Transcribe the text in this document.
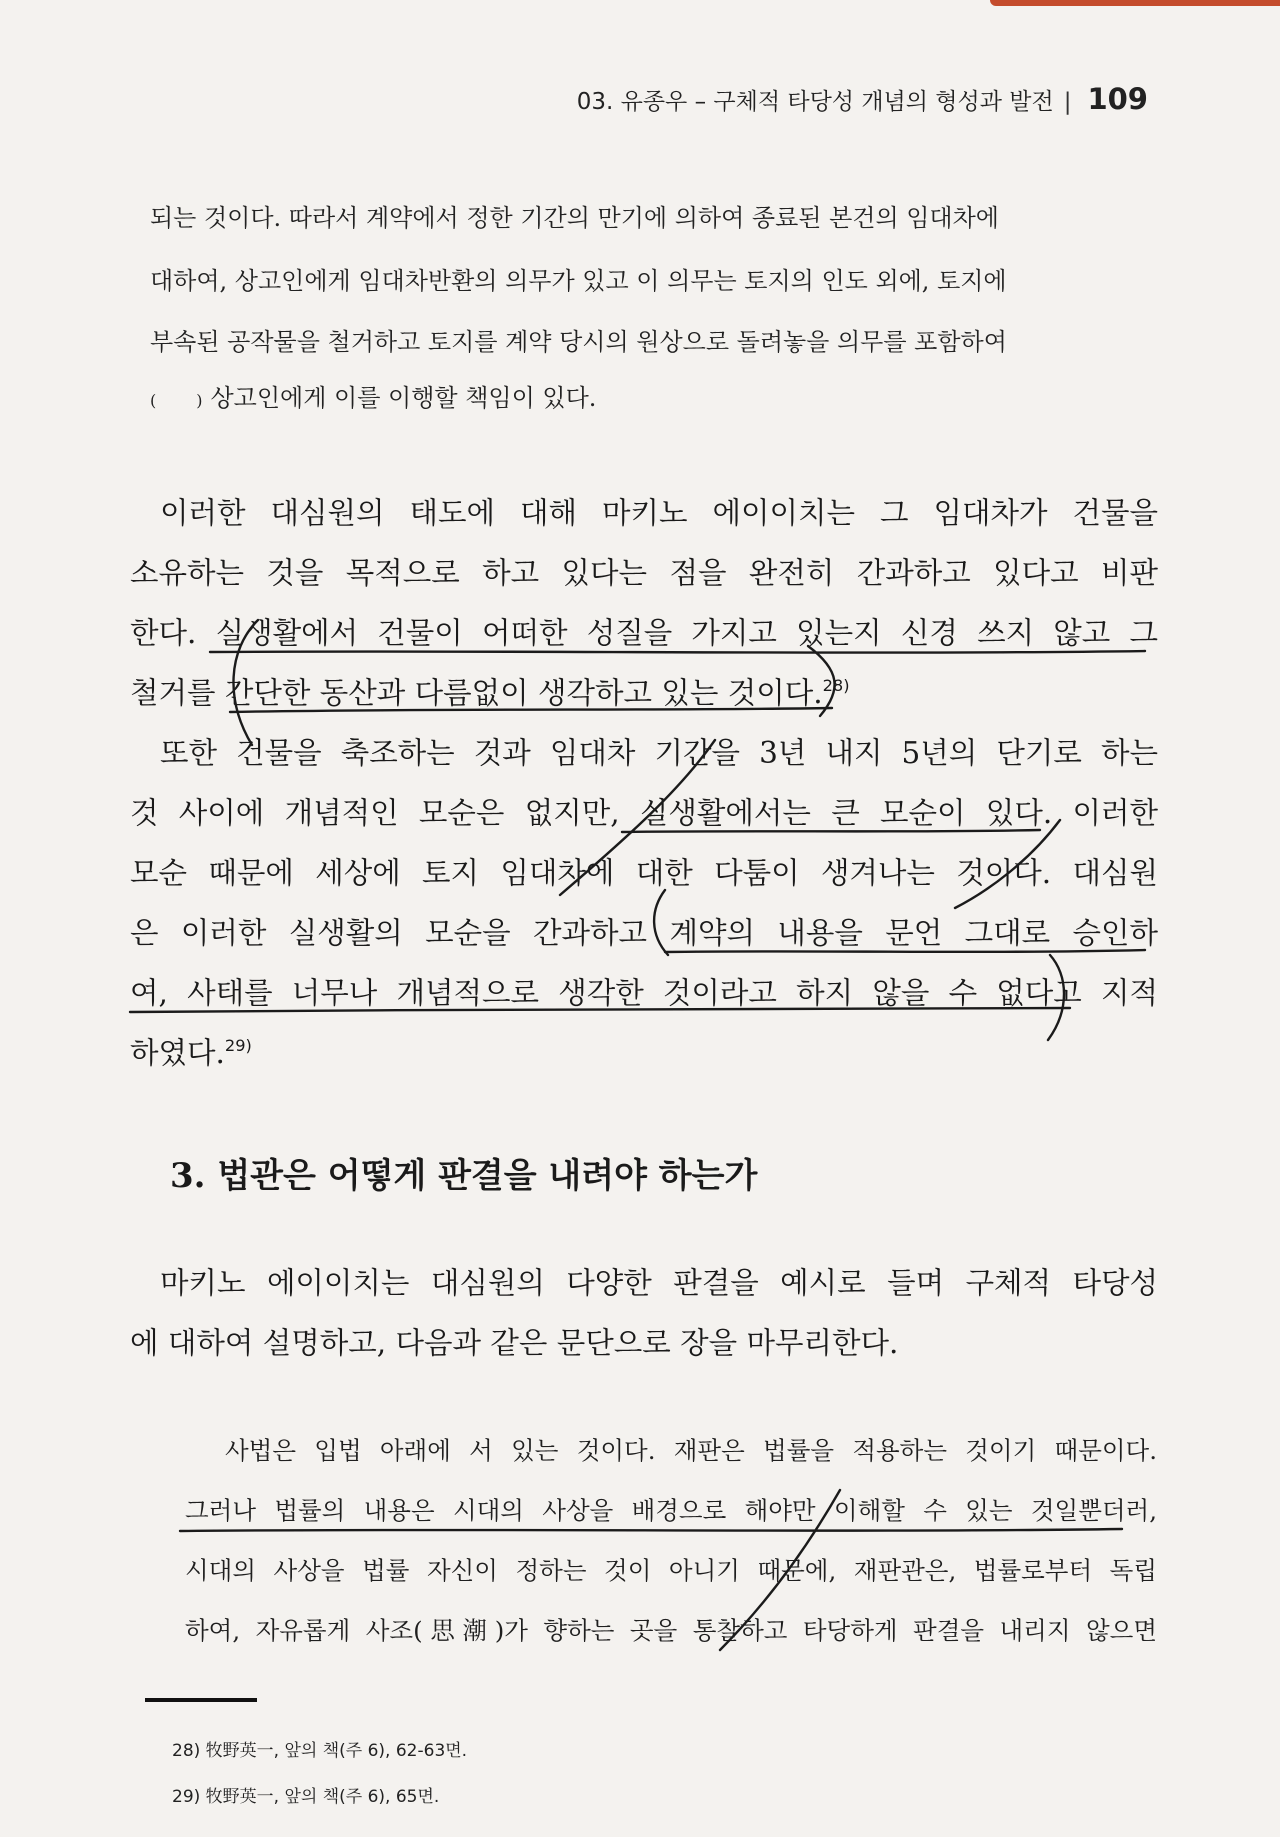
03. 유종우 – 구체적 타당성 개념의 형성과 발전 | 109
되는 것이다. 따라서 계약에서 정한 기간의 만기에 의하여 종료된 본건의 임대차에
대하여, 상고인에게 임대차반환의 의무가 있고 이 의무는 토지의 인도 외에, 토지에
부속된 공작물을 철거하고 토지를 계약 당시의 원상으로 돌려놓을 의무를 포함하여
(	) 상고인에게 이를 이행할 책임이 있다.
이러한 대심원의 태도에 대해 마키노 에이이치는 그 임대차가 건물을
소유하는 것을 목적으로 하고 있다는 점을 완전히 간과하고 있다고 비판
한다. 실생활에서 건물이 어떠한 성질을 가지고 있는지 신경 쓰지 않고 그
철거를 간단한 동산과 다름없이 생각하고 있는 것이다.$^{28)}$
또한 건물을 축조하는 것과 임대차 기간을 3년 내지 5년의 단기로 하는
것 사이에 개념적인 모순은 없지만, 실생활에서는 큰 모순이 있다. 이러한
모순 때문에 세상에 토지 임대차에 대한 다툼이 생겨나는 것이다. 대심원
은 이러한 실생활의 모순을 간과하고 계약의 내용을 문언 그대로 승인하
여, 사태를 너무나 개념적으로 생각한 것이라고 하지 않을 수 없다고 지적
하였다.$^{29)}$
3. 법관은 어떻게 판결을 내려야 하는가
마키노 에이이치는 대심원의 다양한 판결을 예시로 들며 구체적 타당성
에 대하여 설명하고, 다음과 같은 문단으로 장을 마무리한다.
사법은 입법 아래에 서 있는 것이다. 재판은 법률을 적용하는 것이기 때문이다.
그러나 법률의 내용은 시대의 사상을 배경으로 해야만 이해할 수 있는 것일뿐더러,
시대의 사상을 법률 자신이 정하는 것이 아니기 때문에, 재판관은, 법률로부터 독립
하여, 자유롭게 사조(思潮)가 향하는 곳을 통찰하고 타당하게 판결을 내리지 않으면
28) 牧野英一, 앞의 책(주 6), 62-63면.
29) 牧野英一, 앞의 책(주 6), 65면.
